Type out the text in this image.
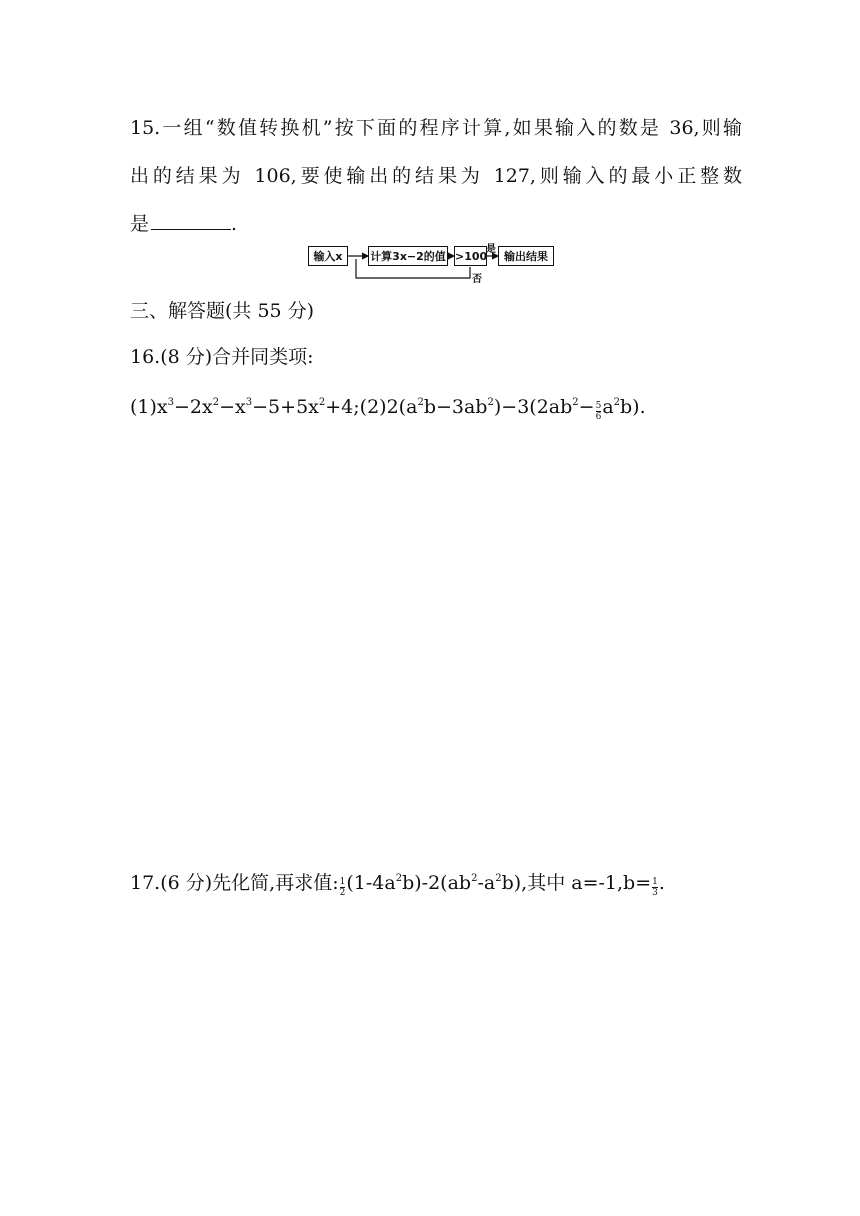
15.一组“数值转换机”按下面的程序计算,如果输入的数是 36,则输
出的结果为 106,要使输出的结果为 127,则输入的最小正整数
是	.
输入x	计算3x−2的值 >100	输出结果
是
否
三、解答题(共 55 分)
16.(8 分)合并同类项:
$(1)x^3-2x^2-x^3-5+5x^2+4;(2)2(a^2b-3ab^2)-3(2ab^2- \frac{5}{6} a^2b)$.
17.(6 分)先化简,再求值: $\frac{1}{2} (1-4a^2b)-2(ab^2-a^2b)$,其中 $a=-1,b= \frac{1}{3}$ .
